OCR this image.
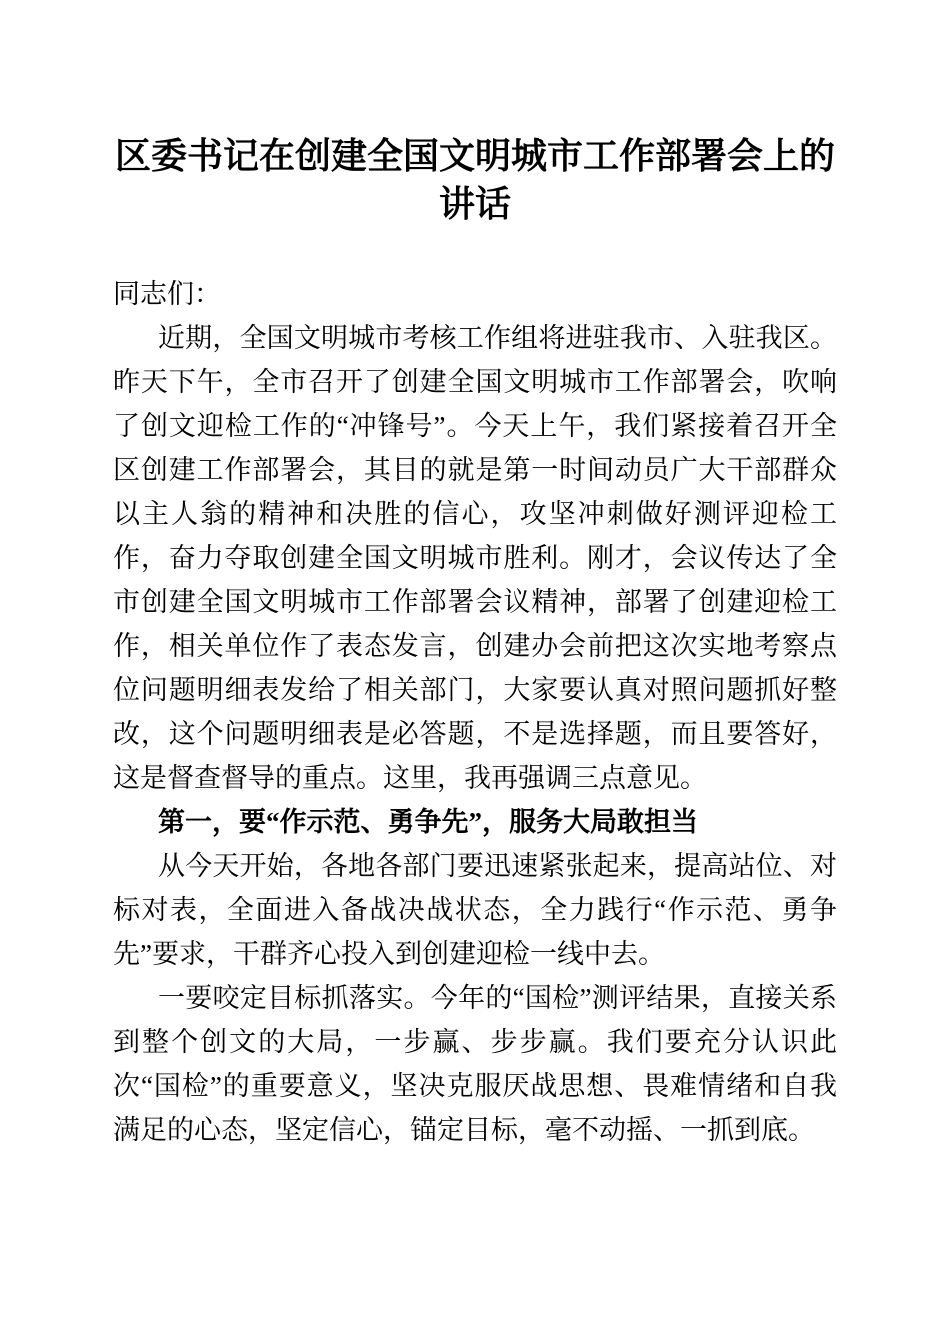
区委书记在创建全国文明城市工作部署会上的讲话

同志们：

近期，全国文明城市考核工作组将进驻我市、入驻我区。昨天下午，全市召开了创建全国文明城市工作部署会，吹响了创文迎检工作的“冲锋号”。今天上午，我们紧接着召开全区创建工作部署会，其目的就是第一时间动员广大干部群众以主人翁的精神和决胜的信心，攻坚冲刺做好测评迎检工作，奋力夺取创建全国文明城市胜利。刚才，会议传达了全市创建全国文明城市工作部署会议精神，部署了创建迎检工作，相关单位作了表态发言，创建办会前把这次实地考察点位问题明细表发给了相关部门，大家要认真对照问题抓好整改，这个问题明细表是必答题，不是选择题，而且要答好，这是督查督导的重点。这里，我再强调三点意见。

第一，要“作示范、勇争先”，服务大局敢担当

从今天开始，各地各部门要迅速紧张起来，提高站位、对标对表，全面进入备战决战状态，全力践行“作示范、勇争先”要求，干群齐心投入到创建迎检一线中去。

一要咬定目标抓落实。今年的“国检”测评结果，直接关系到整个创文的大局，一步赢、步步赢。我们要充分认识此次“国检”的重要意义，坚决克服厌战思想、畏难情绪和自我满足的心态，坚定信心，锚定目标，毫不动摇、一抓到底。
